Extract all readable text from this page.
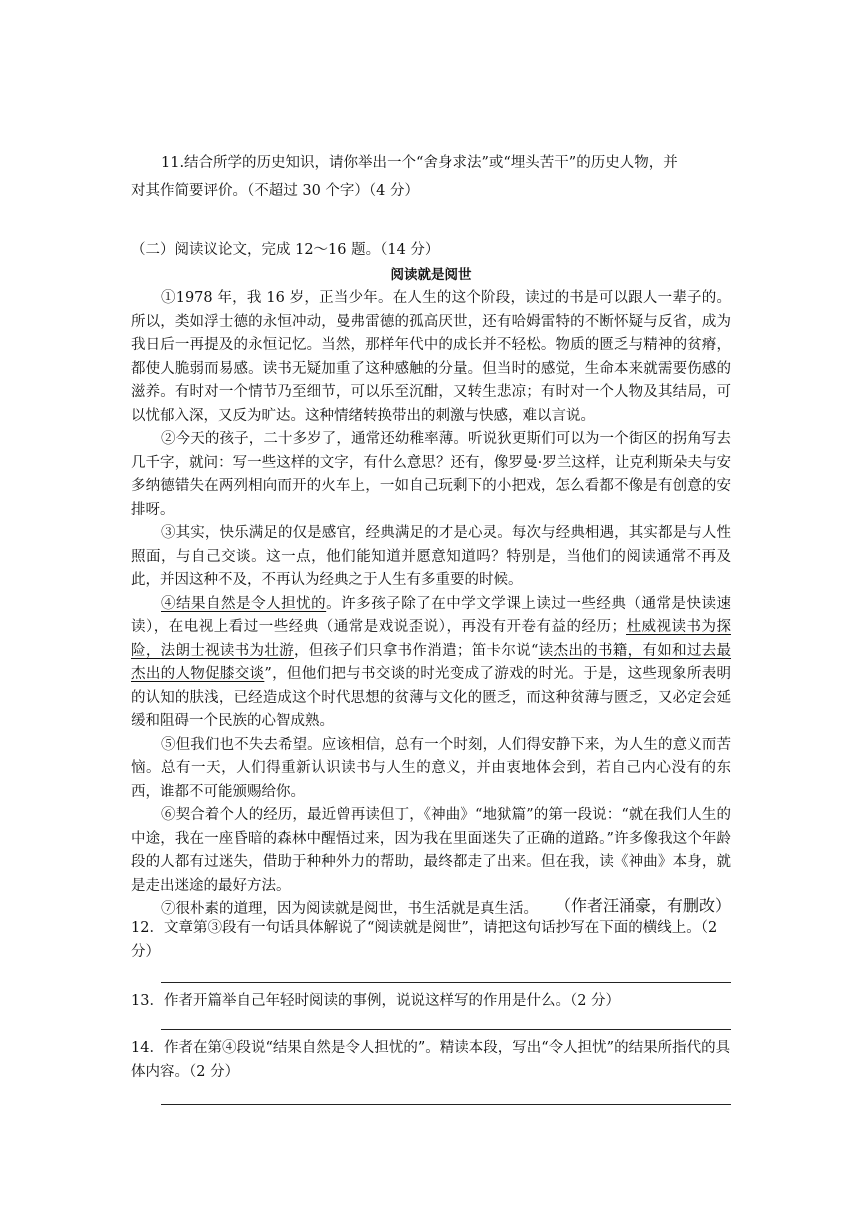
11.结合所学的历史知识，请你举出一个“舍身求法”或“埋头苦干”的历史人物，并
对其作简要评价。（不超过 30 个字）（4 分）
（二）阅读议论文，完成 12～16 题。（14 分）
阅读就是阅世

①1978 年，我 16 岁，正当少年。在人生的这个阶段，读过的书是可以跟人一辈子的。所以，类如浮士德的永恒冲动，曼弗雷德的孤高厌世，还有哈姆雷特的不断怀疑与反省，成为我日后一再提及的永恒记忆。当然，那样年代中的成长并不轻松。物质的匮乏与精神的贫瘠，都使人脆弱而易感。读书无疑加重了这种感触的分量。但当时的感觉，生命本来就需要伤感的滋养。有时对一个情节乃至细节，可以乐至沉酣，又转生悲凉；有时对一个人物及其结局，可以忧郁入深，又反为旷达。这种情绪转换带出的刺激与快感，难以言说。

②今天的孩子，二十多岁了，通常还幼稚率薄。听说狄更斯们可以为一个街区的拐角写去几千字，就问：写一些这样的文字，有什么意思？还有，像罗曼·罗兰这样，让克利斯朵夫与安多纳德错失在两列相向而开的火车上，一如自己玩剩下的小把戏，怎么看都不像是有创意的安排呀。

③其实，快乐满足的仅是感官，经典满足的才是心灵。每次与经典相遇，其实都是与人性照面，与自己交谈。这一点，他们能知道并愿意知道吗？特别是，当他们的阅读通常不再及此，并因这种不及，不再认为经典之于人生有多重要的时候。

④结果自然是令人担忧的。许多孩子除了在中学文学课上读过一些经典（通常是快读速读），在电视上看过一些经典（通常是戏说歪说），再没有开卷有益的经历；杜威视读书为探险，法朗士视读书为壮游，但孩子们只拿书作消遣；笛卡尔说“读杰出的书籍，有如和过去最杰出的人物促膝交谈”，但他们把与书交谈的时光变成了游戏的时光。于是，这些现象所表明的认知的肤浅，已经造成这个时代思想的贫薄与文化的匮乏，而这种贫薄与匮乏，又必定会延缓和阻碍一个民族的心智成熟。

⑤但我们也不失去希望。应该相信，总有一个时刻，人们得安静下来，为人生的意义而苦恼。总有一天，人们得重新认识读书与人生的意义，并由衷地体会到，若自己内心没有的东西，谁都不可能颁赐给你。

⑥契合着个人的经历，最近曾再读但丁，《神曲》“地狱篇”的第一段说：“就在我们人生的中途，我在一座昏暗的森林中醒悟过来，因为我在里面迷失了正确的道路。”许多像我这个年龄段的人都有过迷失，借助于种种外力的帮助，最终都走了出来。但在我，读《神曲》本身，就是走出迷途的最好方法。

⑦很朴素的道理，因为阅读就是阅世，书生活就是真生活。	（作者汪涌豪，有删改）

12．文章第③段有一句话具体解说了“阅读就是阅世”，请把这句话抄写在下面的横线上。（2 分）

13．作者开篇举自己年轻时阅读的事例，说说这样写的作用是什么。（2 分）

14．作者在第④段说“结果自然是令人担忧的”。精读本段，写出“令人担忧”的结果所指代的具体内容。（2 分）
